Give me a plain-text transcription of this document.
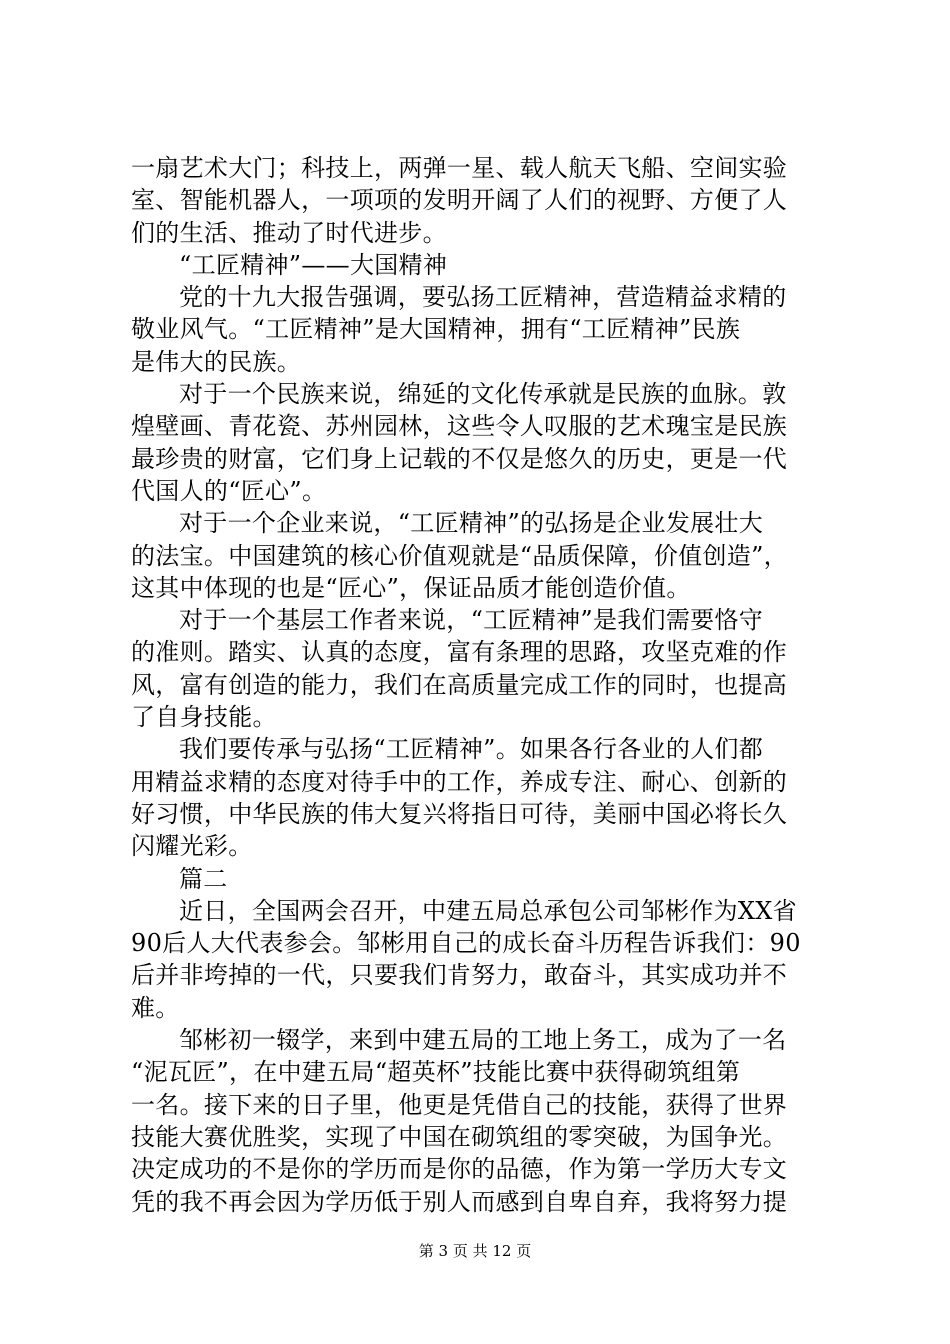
一扇艺术大门；科技上，两弹一星、载人航天飞船、空间实验
室、智能机器人，一项项的发明开阔了人们的视野、方便了人
们的生活、推动了时代进步。
“工匠精神”——大国精神
党的十九大报告强调，要弘扬工匠精神，营造精益求精的
敬业风气。“工匠精神”是大国精神，拥有“工匠精神”民族
是伟大的民族。
对于一个民族来说，绵延的文化传承就是民族的血脉。敦
煌壁画、青花瓷、苏州园林，这些令人叹服的艺术瑰宝是民族
最珍贵的财富，它们身上记载的不仅是悠久的历史，更是一代
代国人的“匠心”。
对于一个企业来说，“工匠精神”的弘扬是企业发展壮大
的法宝。中国建筑的核心价值观就是“品质保障，价值创造”，
这其中体现的也是“匠心”，保证品质才能创造价值。
对于一个基层工作者来说，“工匠精神”是我们需要恪守
的准则。踏实、认真的态度，富有条理的思路，攻坚克难的作
风，富有创造的能力，我们在高质量完成工作的同时，也提高
了自身技能。
我们要传承与弘扬“工匠精神”。如果各行各业的人们都
用精益求精的态度对待手中的工作，养成专注、耐心、创新的
好习惯，中华民族的伟大复兴将指日可待，美丽中国必将长久
闪耀光彩。
篇二
近日，全国两会召开，中建五局总承包公司邹彬作为XX省
90后人大代表参会。邹彬用自己的成长奋斗历程告诉我们：90
后并非垮掉的一代，只要我们肯努力，敢奋斗，其实成功并不
难。
邹彬初一辍学，来到中建五局的工地上务工，成为了一名
“泥瓦匠”，在中建五局“超英杯”技能比赛中获得砌筑组第
一名。接下来的日子里，他更是凭借自己的技能，获得了世界
技能大赛优胜奖，实现了中国在砌筑组的零突破，为国争光。
决定成功的不是你的学历而是你的品德，作为第一学历大专文
凭的我不再会因为学历低于别人而感到自卑自弃，我将努力提
第 3 页 共 12 页
